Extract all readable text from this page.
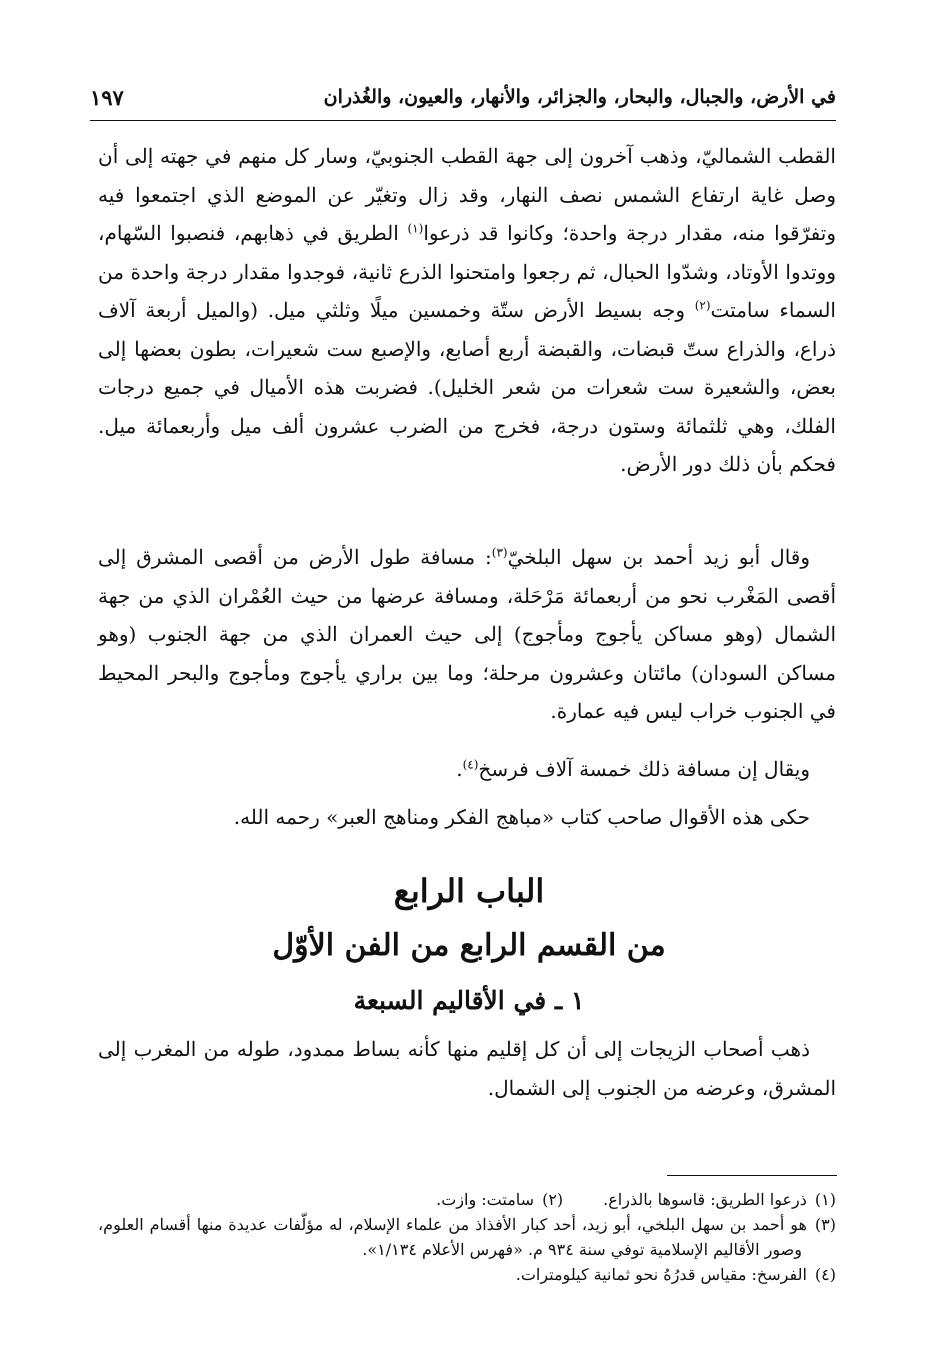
في الأرض، والجبال، والبحار، والجزائر، والأنهار، والعيون، والغُذران
١٩٧

القطب الشماليّ، وذهب آخرون إلى جهة القطب الجنوبيّ، وسار كل منهم في جهته إلى أن وصل غاية ارتفاع الشمس نصف النهار، وقد زال وتغيّر عن الموضع الذي اجتمعوا فيه وتفرّقوا منه، مقدار درجة واحدة؛ وكانوا قد ذرعوا$^{(١)}$ الطريق في ذهابهم، فنصبوا السّهام، ووتدوا الأوتاد، وشدّوا الحبال، ثم رجعوا وامتحنوا الذرع ثانية، فوجدوا مقدار درجة واحدة من السماء سامتت$^{(٢)}$ وجه بسيط الأرض ستّة وخمسين ميلًا وثلثي ميل. (والميل أربعة آلاف ذراع، والذراع ستّ قبضات، والقبضة أربع أصابع، والإصبع ست شعيرات، بطون بعضها إلى بعض، والشعيرة ست شعرات من شعر الخليل). فضربت هذه الأميال في جميع درجات الفلك، وهي ثلثمائة وستون درجة، فخرج من الضرب عشرون ألف ميل وأربعمائة ميل. فحكم بأن ذلك دور الأرض.

وقال أبو زيد أحمد بن سهل البلخيّ$^{(٣)}$: مسافة طول الأرض من أقصى المشرق إلى أقصى المَغْرب نحو من أربعمائة مَرْحَلة، ومسافة عرضها من حيث العُمْران الذي من جهة الشمال (وهو مساكن يأجوج ومأجوج) إلى حيث العمران الذي من جهة الجنوب (وهو مساكن السودان) مائتان وعشرون مرحلة؛ وما بين براري يأجوج ومأجوج والبحر المحيط في الجنوب خراب ليس فيه عمارة.

ويقال إن مسافة ذلك خمسة آلاف فرسخ$^{(٤)}$.

حكى هذه الأقوال صاحب كتاب «مباهج الفكر ومناهج العبر» رحمه الله.

الباب الرابع
من القسم الرابع من الفن الأوّل
١ ـ في الأقاليم السبعة

ذهب أصحاب الزيجات إلى أن كل إقليم منها كأنه بساط ممدود، طوله من المغرب إلى المشرق، وعرضه من الجنوب إلى الشمال.

(١)ذرعوا الطريق: قاسوها بالذراع.

(٢)سامتت: وازت.

(٣)هو أحمد بن سهل البلخي، أبو زيد، أحد كبار الأفذاذ من علماء الإسلام، له مؤلّفات عديدة منها أقسام العلوم، وصور الأقاليم الإسلامية توفي سنة ٩٣٤ م. «فهرس الأعلام ١/١٣٤».

(٤)الفرسخ: مقياس قدرُهُ نحو ثمانية كيلومترات.
